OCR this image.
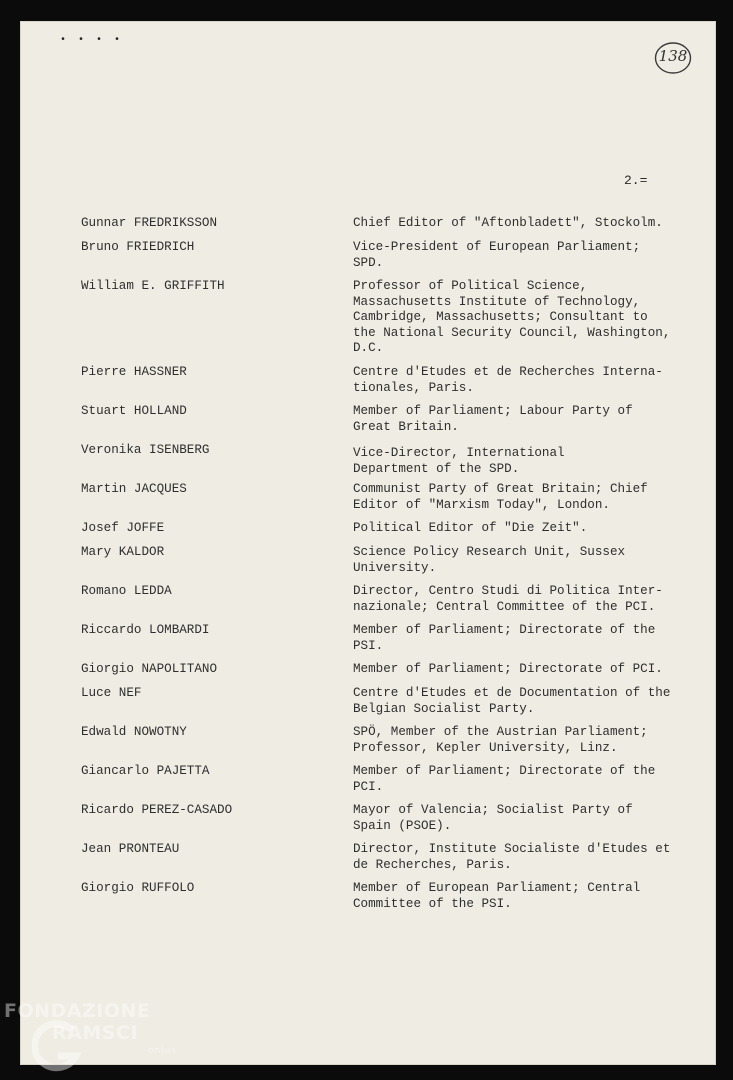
• • • •
138
2.=
Gunnar FREDRIKSSON	Chief Editor of "Aftonbladett", Stockolm.
Bruno FRIEDRICH	Vice-President of European Parliament;
SPD.
William E. GRIFFITH	Professor of Political Science,
Massachusetts Institute of Technology,
Cambridge, Massachusetts; Consultant to
the National Security Council, Washington,
D.C.
Pierre HASSNER	Centre d'Etudes et de Recherches Interna-
tionales, Paris.
Stuart HOLLAND	Member of Parliament; Labour Party of
Great Britain.
Veronika ISENBERG	Vice-Director, International
Department of the SPD.
Martin JACQUES	Communist Party of Great Britain; Chief
Editor of "Marxism Today", London.
Josef JOFFE	Political Editor of "Die Zeit".
Mary KALDOR	Science Policy Research Unit, Sussex
University.
Romano LEDDA	Director, Centro Studi di Politica Inter-
nazionale; Central Committee of the PCI.
Riccardo LOMBARDI	Member of Parliament; Directorate of the
PSI.
Giorgio NAPOLITANO	Member of Parliament; Directorate of PCI.
Luce NEF	Centre d'Etudes et de Documentation of the
Belgian Socialist Party.
Edwald NOWOTNY	SPÖ, Member of the Austrian Parliament;
Professor, Kepler University, Linz.
Giancarlo PAJETTA	Member of Parliament; Directorate of the
PCI.
Ricardo PEREZ-CASADO	Mayor of Valencia; Socialist Party of
Spain (PSOE).
Jean PRONTEAU	Director, Institute Socialiste d'Etudes et
de Recherches, Paris.
Giorgio RUFFOLO	Member of European Parliament; Central
Committee of the PSI.
FONDAZIONE
RAMSCI
onlus
